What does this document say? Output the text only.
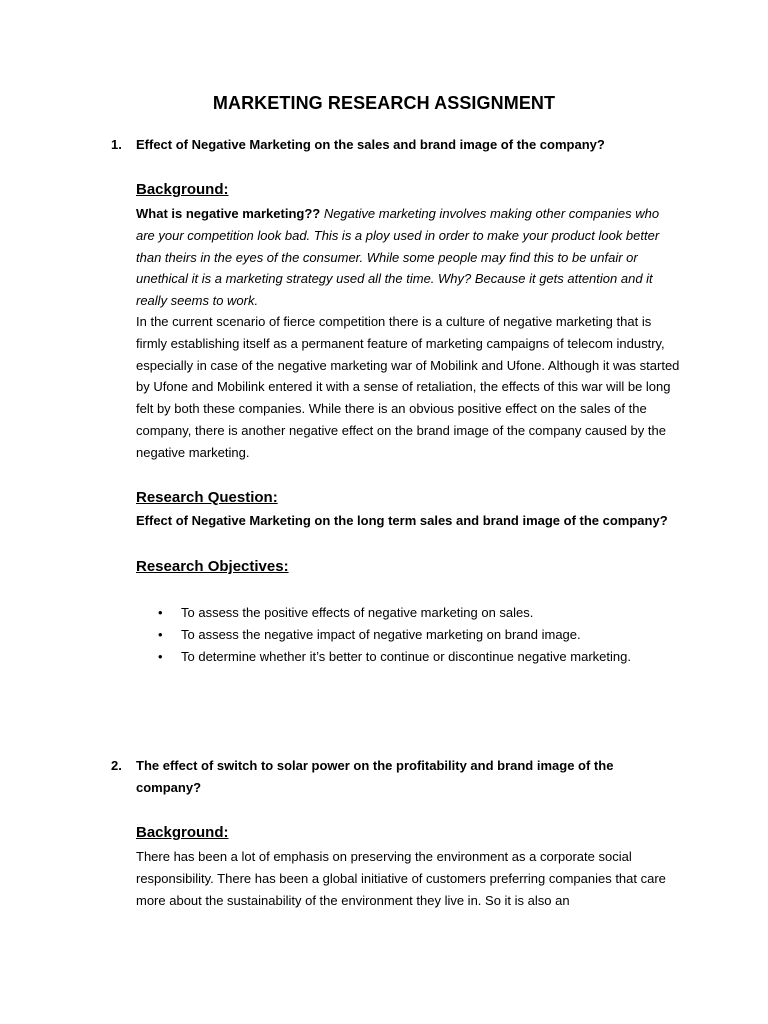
MARKETING RESEARCH ASSIGNMENT
1. Effect of Negative Marketing on the sales and brand image of the company?
Background:
What is negative marketing?? Negative marketing involves making other companies who are your competition look bad. This is a ploy used in order to make your product look better than theirs in the eyes of the consumer. While some people may find this to be unfair or unethical it is a marketing strategy used all the time. Why? Because it gets attention and it really seems to work.
In the current scenario of fierce competition there is a culture of negative marketing that is firmly establishing itself as a permanent feature of marketing campaigns of telecom industry, especially in case of the negative marketing war of Mobilink and Ufone. Although it was started by Ufone and Mobilink entered it with a sense of retaliation, the effects of this war will be long felt by both these companies. While there is an obvious positive effect on the sales of the company, there is another negative effect on the brand image of the company caused by the negative marketing.
Research Question:
Effect of Negative Marketing on the long term sales and brand image of the company?
Research Objectives:
• To assess the positive effects of negative marketing on sales.
• To assess the negative impact of negative marketing on brand image.
• To determine whether it’s better to continue or discontinue negative marketing.
2. The effect of switch to solar power on the profitability and brand image of the company?
Background:
There has been a lot of emphasis on preserving the environment as a corporate social responsibility. There has been a global initiative of customers preferring companies that care more about the sustainability of the environment they live in. So it is also an
